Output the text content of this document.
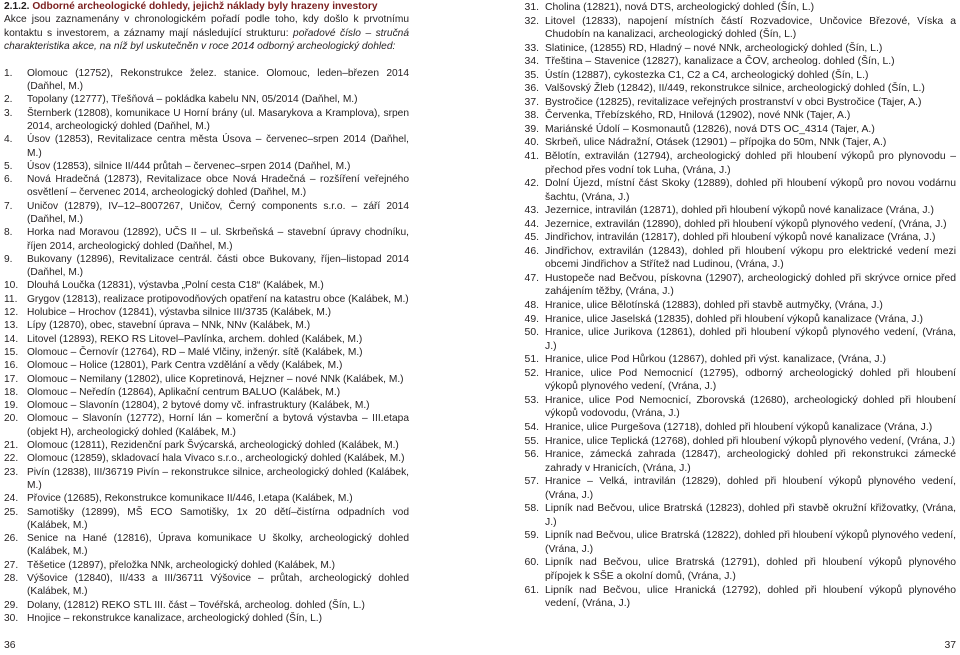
2.1.2. Odborné archeologické dohledy, jejichž náklady byly hrazeny investory
Akce jsou zaznamenány v chronologickém pořadí podle toho, kdy došlo k prvotnímu kontaktu s investorem, a záznamy mají následující strukturu: pořadové číslo – stručná charakteristika akce, na níž byl uskutečněn v roce 2014 odborný archeologický dohled:
1. Olomouc (12752), Rekonstrukce želez. stanice. Olomouc, leden–březen 2014 (Daňhel, M.)
2. Topolany (12777), Třešňová – pokládka kabelu NN, 05/2014 (Daňhel, M.)
3. Šternberk (12808), komunikace U Horní brány (ul. Masarykova a Kramplova), srpen 2014, archeologický dohled (Daňhel, M.)
4. Úsov (12853), Revitalizace centra města Úsova – červenec–srpen 2014 (Daňhel, M.)
5. Úsov (12853), silnice II/444 průtah – červenec–srpen 2014 (Daňhel, M.)
6. Nová Hradečná (12873), Revitalizace obce Nová Hradečná – rozšíření veřejného osvětlení – červenec 2014, archeologický dohled (Daňhel, M.)
7. Uničov (12879), IV–12–8007267, Uničov, Černý components s.r.o. – září 2014 (Daňhel, M.)
8. Horka nad Moravou (12892), UČS II – ul. Skrbeňská – stavební úpravy chodníku, říjen 2014, archeologický dohled (Daňhel, M.)
9. Bukovany (12896), Revitalizace centrál. části obce Bukovany, říjen–listopad 2014 (Daňhel, M.)
10. Dlouhá Loučka (12831), výstavba „Polní cesta C18“ (Kalábek, M.)
11. Grygov (12813), realizace protipovodňových opatření na katastru obce (Kalábek, M.)
12. Holubice – Hrochov (12841), výstavba silnice III/3735 (Kalábek, M.)
13. Lípy (12870), obec, stavební úprava – NNk, NNv (Kalábek, M.)
14. Litovel (12893), REKO RS Litovel–Pavlínka, archem. dohled (Kalábek, M.)
15. Olomouc – Černovír (12764), RD – Malé Vlčiny, inženýr. sítě (Kalábek, M.)
16. Olomouc – Holice (12801), Park Centra vzdělání a vědy (Kalábek, M.)
17. Olomouc – Nemilany (12802), ulice Kopretinová, Hejzner – nové NNk (Kalábek, M.)
18. Olomouc – Neředín (12864), Aplikační centrum BALUO (Kalábek, M.)
19. Olomouc – Slavonín (12804), 2 bytové domy vč. infrastruktury (Kalábek, M.)
20. Olomouc – Slavonín (12772), Horní lán – komerční a bytová výstavba – III.etapa (objekt H), archeologický dohled (Kalábek, M.)
21. Olomouc (12811), Rezidenční park Švýcarská, archeologický dohled (Kalábek, M.)
22. Olomouc (12859), skladovací hala Vivaco s.r.o., archeologický dohled (Kalábek, M.)
23. Pivín (12838), III/36719 Pivín – rekonstrukce silnice, archeologický dohled (Kalábek, M.)
24. Přovice (12685), Rekonstrukce komunikace II/446, I.etapa (Kalábek, M.)
25. Samotišky (12899), MŠ ECO Samotišky, 1x 20 dětí–čistírna odpadních vod (Kalábek, M.)
26. Senice na Hané (12816), Úprava komunikace U školky, archeologický dohled (Kalábek, M.)
27. Těšetice (12897), přeložka NNk, archeologický dohled (Kalábek, M.)
28. Výšovice (12840), II/433 a III/36711 Výšovice – průtah, archeologický dohled (Kalábek, M.)
29. Dolany, (12812) REKO STL III. část – Tovéřská, archeolog. dohled (Šín, L.)
30. Hnojice – rekonstrukce kanalizace, archeologický dohled (Šín, L.)
31. Cholina (12821), nová DTS, archeologický dohled (Šín, L.)
32. Litovel (12833), napojení místních částí Rozvadovice, Unčovice Březové, Víska a Chudobín na kanalizaci, archeologický dohled (Šín, L.)
33. Slatinice, (12855) RD, Hladný – nové NNk, archeologický dohled (Šín, L.)
34. Třeština – Stavenice (12827), kanalizace a ČOV, archeolog. dohled (Šín, L.)
35. Ústín (12887), cykostezka C1, C2 a C4, archeologický dohled (Šín, L.)
36. Valšovský Žleb (12842), II/449, rekonstrukce silnice, archeologický dohled (Šín, L.)
37. Bystročice (12825), revitalizace veřejných prostranství v obci Bystročice (Tajer, A.)
38. Červenka, Třebízského, RD, Hnilová (12902), nové NNk (Tajer, A.)
39. Mariánské Údolí – Kosmonautů (12826), nová DTS OC_4314 (Tajer, A.)
40. Skrbeň, ulice Nádražní, Otásek (12901) – přípojka do 50m, NNk (Tajer, A.)
41. Bělotín, extravilán (12794), archeologický dohled při hloubení výkopů pro plynovodu – přechod přes vodní tok Luha, (Vrána, J.)
42. Dolní Újezd, místní část Skoky (12889), dohled při hloubení výkopů pro novou vodárnu šachtu, (Vrána, J.)
43. Jezernice, intravilán (12871), dohled při hloubení výkopů nové kanalizace (Vrána, J.)
44. Jezernice, extravilán (12890), dohled při hloubení výkopů plynového vedení, (Vrána, J.)
45. Jindřichov, intravilán (12817), dohled při hloubení výkopů nové kanalizace (Vrána, J.)
46. Jindřichov, extravilán (12843), dohled při hloubení výkopu pro elektrické vedení mezi obcemi Jindřichov a Střítež nad Ludinou, (Vrána, J.)
47. Hustopeče nad Bečvou, pískovna (12907), archeologický dohled při skrývce ornice před zahájením těžby, (Vrána, J.)
48. Hranice, ulice Bělotínská (12883), dohled při stavbě autmyčky, (Vrána, J.)
49. Hranice, ulice Jaselská (12835), dohled při hloubení výkopů kanalizace (Vrána, J.)
50. Hranice, ulice Jurikova (12861), dohled při hloubení výkopů plynového vedení, (Vrána, J.)
51. Hranice, ulice Pod Hůrkou (12867), dohled při výst. kanalizace, (Vrána, J.)
52. Hranice, ulice Pod Nemocnicí (12795), odborný archeologický dohled při hloubení výkopů plynového vedení, (Vrána, J.)
53. Hranice, ulice Pod Nemocnicí, Zborovská (12680), archeologický dohled při hloubení výkopů vodovodu, (Vrána, J.)
54. Hranice, ulice Purgešova (12718), dohled při hloubení výkopů kanalizace (Vrána, J.)
55. Hranice, ulice Teplická (12768), dohled při hloubení výkopů plynového vedení, (Vrána, J.)
56. Hranice, zámecká zahrada (12847), archeologický dohled při rekonstrukci zámecké zahrady v Hranicích, (Vrána, J.)
57. Hranice – Velká, intravilán (12829), dohled při hloubení výkopů plynového vedení, (Vrána, J.)
58. Lipník nad Bečvou, ulice Bratrská (12823), dohled při stavbě okružní křižovatky, (Vrána, J.)
59. Lipník nad Bečvou, ulice Bratrská (12822), dohled při hloubení výkopů plynového vedení, (Vrána, J.)
60. Lipník nad Bečvou, ulice Bratrská (12791), dohled při hloubení výkopů plynového přípojek k SŠE a okolní domů, (Vrána, J.)
61. Lipník nad Bečvou, ulice Hranická (12792), dohled při hloubení výkopů plynového vedení, (Vrána, J.)
36	37
